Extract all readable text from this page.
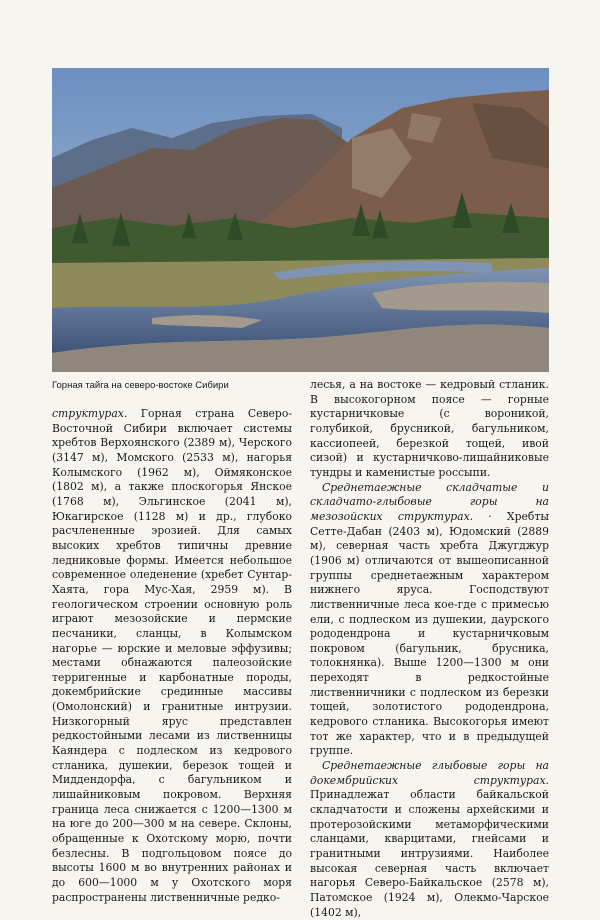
Горная тайга на северо-востоке Сибири

структурах. Горная страна Северо-Восточной Сибири включает системы хребтов Верхоянского (2389 м), Черского (3147 м), Момского (2533 м), нагорья Колымского (1962 м), Оймяконское (1802 м), а также плоскогорья Янское (1768 м), Эльгинское (2041 м), Юкагирское (1128 м) и др., глубоко расчлененные эрозией. Для самых высоких хребтов типичны древние ледниковые формы. Имеется небольшое современное оледенение (хребет Сунтар-Хаята, гора Мус-Хая, 2959 м). В геологическом строении основную роль играют мезозойские и пермские песчаники, сланцы, в Колымском нагорье — юрские и меловые эффузивы; местами обнажаются палеозойские терригенные и карбонатные породы, докембрийские срединные массивы (Омолонский) и гранитные интрузии. Низкогорный ярус представлен редкостойными лесами из лиственницы Каяндера с подлеском из кедрового стланика, душекии, березок тощей и Миддендорфа, с багульником и лишайниковым покровом. Верхняя граница леса снижается с 1200—1300 м на юге до 200—300 м на севере. Склоны, обращенные к Охотскому морю, почти безлесны. В подгольцовом поясе до высоты 1600 м во внутренних районах и до 600—1000 м у Охотского моря распространены лиственничные редко-

лесья, а на востоке — кедровый стланик. В высокогорном поясе — горные кустарничковые (с вороникой, голубикой, брусникой, багульником, кассиопеей, березкой тощей, ивой сизой) и кустарничково-лишайниковые тундры и каменистые россыпи.

Среднетаежные складчатые и складчато-глыбовые горы на мезозойских структурах. · Хребты Сетте-Дабан (2403 м), Юдомский (2889 м), северная часть хребта Джугджур (1906 м) отличаются от вышеописанной группы среднетаежным характером нижнего яруса. Господствуют лиственничные леса кое-где с примесью ели, с подлеском из душекии, даурского рододендрона и кустарничковым покровом (багульник, брусника, толокнянка). Выше 1200—1300 м они переходят в редкостойные лиственничники с подлеском из березки тощей, золотистого рододендрона, кедрового стланика. Высокогорья имеют тот же характер, что и в предыдущей группе.

Среднетаежные глыбовые горы на докембрийских структурах. Принадлежат области байкальской складчатости и сложены архейскими и протерозойскими метаморфическими сланцами, кварцитами, гнейсами и гранитными интрузиями. Наиболее высокая северная часть включает нагорья Северо-Байкальское (2578 м), Патомское (1924 м), Олекмо-Чарское (1402 м),
